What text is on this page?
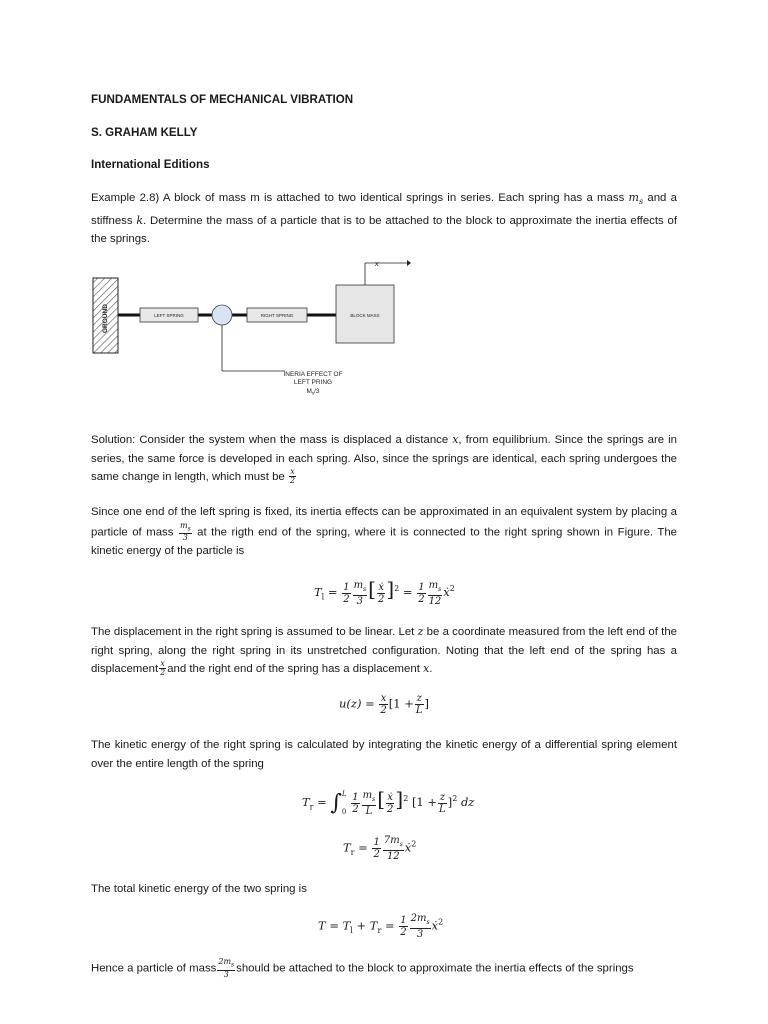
FUNDAMENTALS OF MECHANICAL VIBRATION
S. GRAHAM KELLY
International Editions
Example 2.8) A block of mass m is attached to two identical springs in series. Each spring has a mass $m_s$ and a stiffness k. Determine the mass of a particle that is to be attached to the block to approximate the inertia effects of the springs.
GROUND	LEFT SPRING	RIGHT SPRING	BLOCK MASS
x
INERIA EFFECT OF
LEFT PRING
$M_s/3$
Solution: Consider the system when the mass is displaced a distance x, from equilibrium. Since the springs are in series, the same force is developed in each spring. Also, since the springs are identical, each spring undergoes the same change in length, which must be $\frac{x}{2}$
Since one end of the left spring is fixed, its inertia effects can be approximated in an equivalent system by placing a particle of mass $\frac{m_s}{3}$ at the rigth end of the spring, where it is connected to the right spring shown in Figure. The kinetic energy of the particle is
$T_l = \frac{1}{2} \frac{m_s}{3}$ [ $\frac{\text{ẋ}}{2} ]^2 = \frac{1}{2} \frac{m_s}{12}$ ẋ$^2$
The displacement in the right spring is assumed to be linear. Let z be a coordinate measured from the left end of the right spring, along the right spring in its unstretched configuration. Noting that the left end of the spring has a displacement $\frac{x}{2}$ and the right end of the spring has a displacement x.
$u(z) = \frac{x}{2} [1 + \frac{z}{L}$ ]
The kinetic energy of the right spring is calculated by integrating the kinetic energy of a differential spring element over the entire length of the spring
$T_r$ = ∫ L
0
$\frac{1}{2} \frac{m_s}{L}$ [ $\frac{\text{ẋ}}{2} ]^2$ $[1 + \frac{z}{L} ]^2$ dz
$T_r = \frac{1}{2} \frac{7m_s}{12}$ ẋ$^2$
The total kinetic energy of the two spring is
$T = T_l + T_r = \frac{1}{2} \frac{2m_s}{3}$ ẋ$^2$
Hence a particle of mass $\frac{2m_s}{3}$ should be attached to the block to approximate the inertia effects of the springs
